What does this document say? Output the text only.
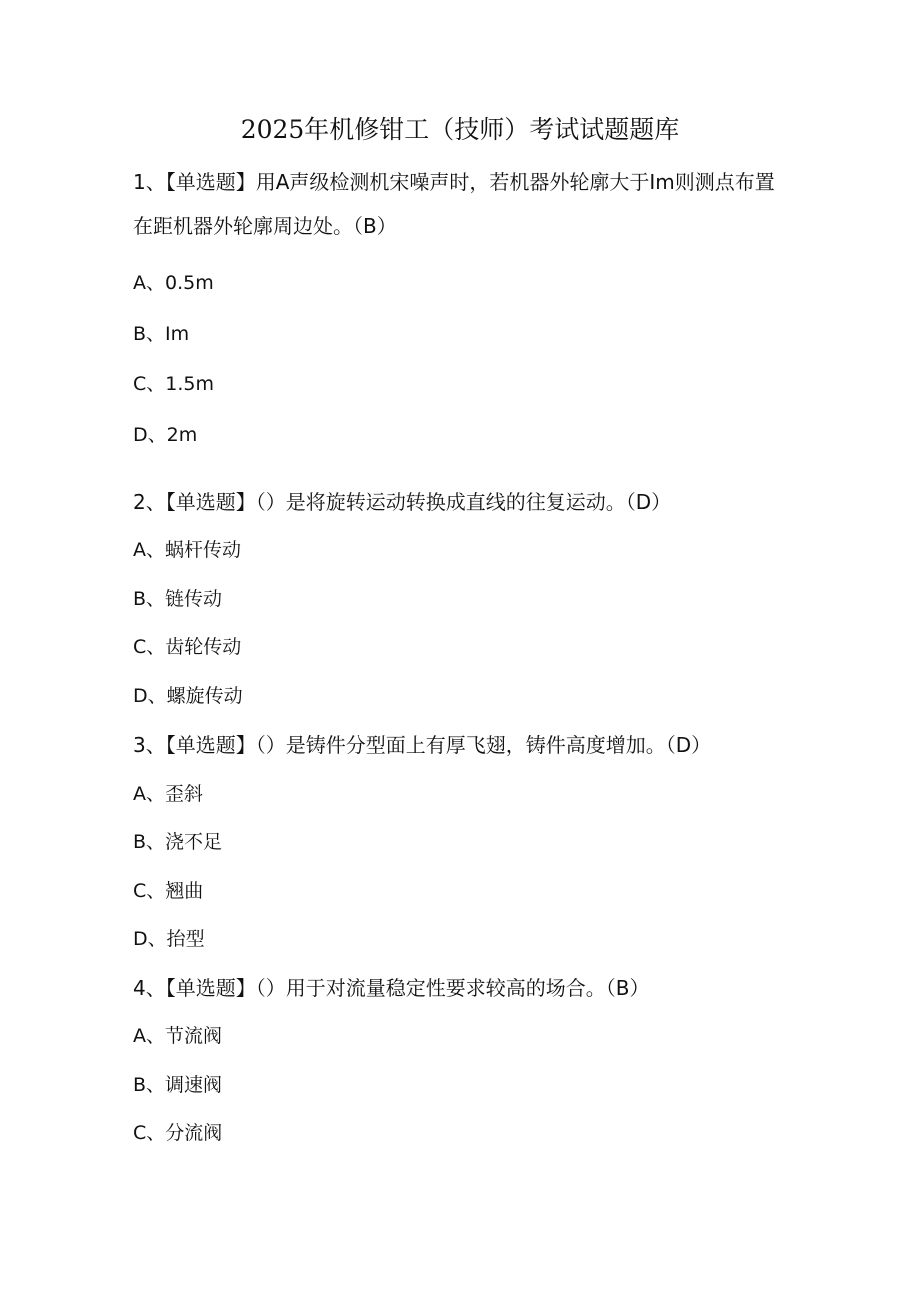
2025年机修钳工（技师）考试试题题库

1、【单选题】用A声级检测机宋噪声时，若机器外轮廓大于Im则测点布置在距机器外轮廓周边处。（B）

A、0.5m
B、Im
C、1.5m
D、2m

2、【单选题】（）是将旋转运动转换成直线的往复运动。（D）

A、蜗杆传动
B、链传动
C、齿轮传动
D、螺旋传动

3、【单选题】（）是铸件分型面上有厚飞翅，铸件高度增加。（D）

A、歪斜
B、浇不足
C、翘曲
D、抬型

4、【单选题】（）用于对流量稳定性要求较高的场合。（B）

A、节流阀
B、调速阀
C、分流阀
